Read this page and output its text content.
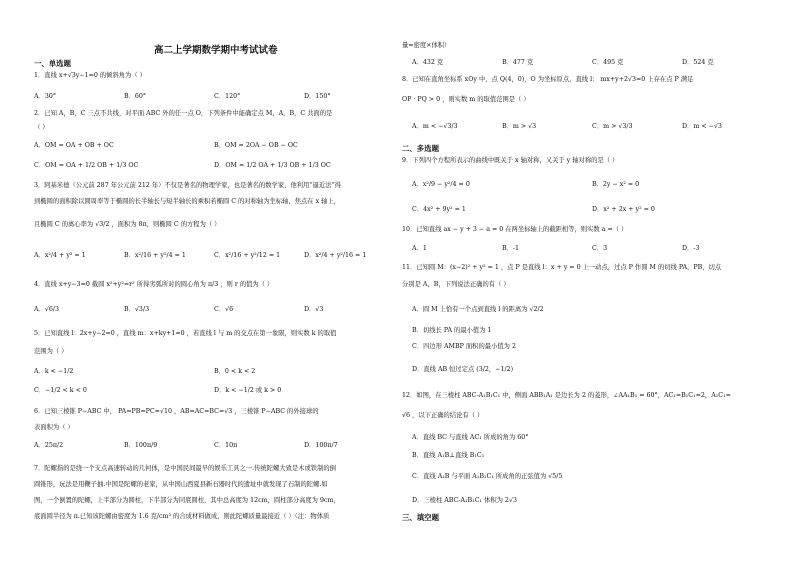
高二上学期数学期中考试试卷
一、单选题
1．直线 x+√3y−1=0 的倾斜角为（ ）
A．30°	B．60°	C．120°	D．150°
2．已知 A，B，C 三点不共线，对平面 ABC 外的任一点 O，下列条件中能确定点 M，A，B，C 共面的是
（ ）
A．OM = OA + OB + OC	B．OM = 2OA − OB − OC
C．OM = OA + 1/2 OB + 1/3 OC	D．OM = 1/2 OA + 1/3 OB + 1/3 OC
3．阿基米德（公元前 287 年公元前 212 年）不仅是著名的物理学家，也是著名的数学家，他利用“逼近法”得
到椭圆的面积除以圆周率等于椭圆的长半轴长与短半轴长的乘积若椭圆 C 的对称轴为坐标轴，焦点在 x 轴上，
且椭圆 C 的离心率为 √3/2 ，面积为 8π，则椭圆 C 的方程为（ ）
A．x²/4 + y² = 1	B．x²/16 + y²/4 = 1	C．x²/16 + y²/12 = 1	D．x²/4 + y²/16 = 1
4．直线 x+y−3=0 截圆 x²+y²=r² 所得劣弧所对的圆心角为 π/3 ，则 r 的值为（ ）
A．√6/3	B．√3/3	C．√6	D．√3
5．已知直线 l：2x+y−2=0 ，直线 m：x+ky+1=0 ，若直线 l 与 m 的交点在第一象限，则实数 k 的取值
范围为（ ）
A．k < −1/2	B．0 < k < 2
C．−1/2 < k < 0	D．k < −1/2 或 k > 0
6．已知三棱锥 P−ABC 中， PA=PB=PC=√10 ，AB=AC=BC=√3 ，三棱锥 P−ABC 的外接球的
表面积为（ ）
A．25π/2	B．100π/9	C．10π	D．100π/7
7．陀螺指的是绕一个支点高速转动的几何体，是中国民间最早的娱乐工具之一.传统陀螺大致是木或铁制的倒
圆锥形，玩法是用鞭子抽.中国是陀螺的老家，从中国山西夏县新石器时代的遗址中就发现了石制的陀螺.如
图，一个倒置的陀螺，上半部分为圆柱，下半部分为同底圆柱，其中总高度为 12cm，圆柱部分高度为 9cm，
底面圆半径为 π.已知该陀螺由密度为 1.6 克/cm³ 的合成材料做成，则此陀螺质量最接近（ ）（注：物体质
量=密度×体积）
A．432 克	B．477 克	C．495 克	D．524 克
8．已知在直角坐标系 xOy 中，点 Q(4，0)，O 为坐标原点，直线 l： mx+y+2√3=0 上存在点 P 满足
OP · PQ > 0 ，则实数 m 的取值范围是（ ）
A．m < −√3/3	B．m > √3	C．m > √3/3	D．m < −√3
二、多选题
9．下列四个方程所表示的曲线中既关于 x 轴对称，又关于 y 轴对称的是（ ）
A．x²/9 − y²/4 = 0	B．2y − x² = 0
C．4x² + 9y² = 1	D．x² + 2x + y² = 0
10．已知直线 ax − y + 3 − a = 0 在两坐标轴上的截距相等，则实数 a =（ ）
A．1	B．-1	C．3	D．-3
11．已知圆 M：(x−2)² + y² = 1 ，点 P 是直线 l：x + y = 0 上一动点，过点 P 作圆 M 的切线 PA，PB，切点
分别是 A，B，下列说法正确的有（ ）
A．圆 M 上恰有一个点到直线 l 的距离为 √2/2
B．切线长 PA 的最小值为 1
C．四边形 AMBP 面积的最小值为 2
D．直线 AB 恒过定点 (3/2，−1/2)
12．如图，在三棱柱 ABC-A₁B₁C₁ 中，侧面 ABB₁A₁ 是边长为 2 的菱形，∠AA₁B₁ = 60°，AC₁=B₁C₁=2，A₁C₁=
√6 ，以下正确的结论有（ ）
A．直线 BC 与直线 AC₁ 所成的角为 60°
B．直线 A₁B⊥直线 B₁C₁
C．直线 A₁B 与平面 A₁B₁C₁ 所成角的正弦值为 √5/5
D．三棱柱 ABC-A₁B₁C₁ 体积为 2√3
三、填空题
